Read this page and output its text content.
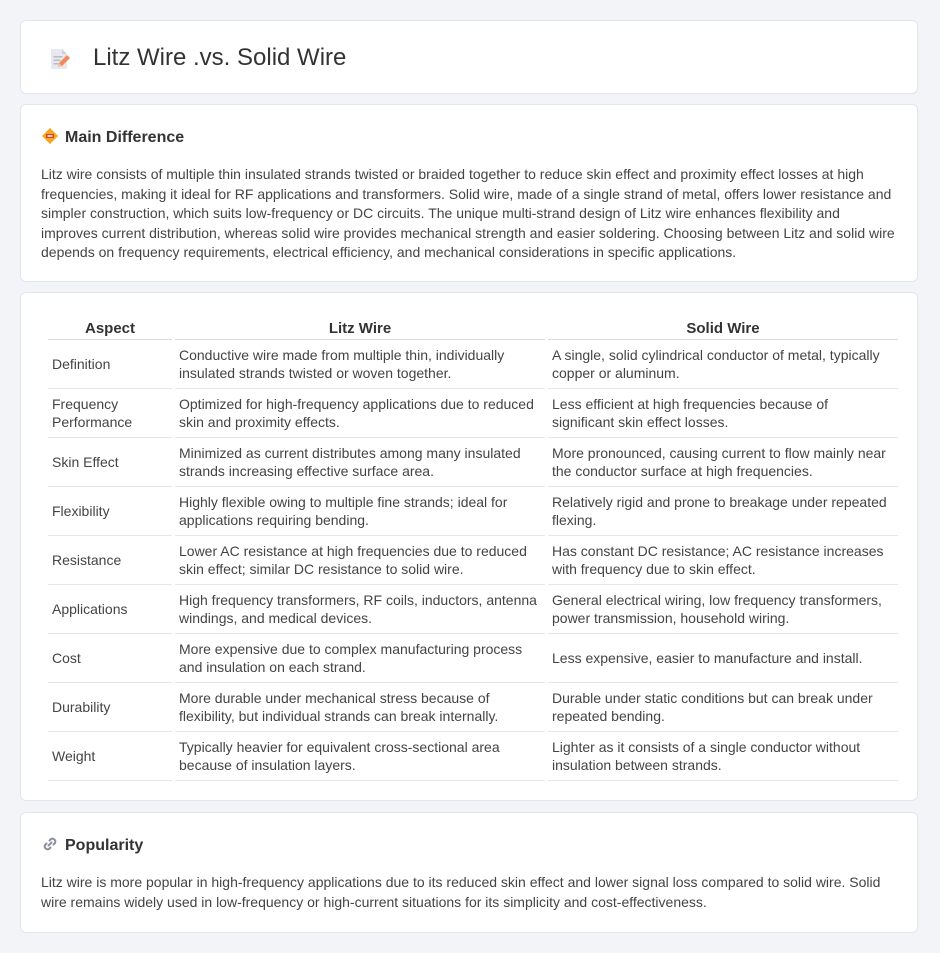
Litz Wire .vs. Solid Wire
Main Difference

Litz wire consists of multiple thin insulated strands twisted or braided together to reduce skin effect and proximity effect losses at high frequencies, making it ideal for RF applications and transformers. Solid wire, made of a single strand of metal, offers lower resistance and simpler construction, which suits low-frequency or DC circuits. The unique multi-strand design of Litz wire enhances flexibility and improves current distribution, whereas solid wire provides mechanical strength and easier soldering. Choosing between Litz and solid wire depends on frequency requirements, electrical efficiency, and mechanical considerations in specific applications.

Aspect	Litz Wire	Solid Wire
Definition	Conductive wire made from multiple thin, individually insulated strands twisted or woven together.	A single, solid cylindrical conductor of metal, typically copper or aluminum.
Frequency Performance	Optimized for high-frequency applications due to reduced skin and proximity effects.	Less efficient at high frequencies because of significant skin effect losses.
Skin Effect	Minimized as current distributes among many insulated strands increasing effective surface area.	More pronounced, causing current to flow mainly near the conductor surface at high frequencies.
Flexibility	Highly flexible owing to multiple fine strands; ideal for applications requiring bending.	Relatively rigid and prone to breakage under repeated flexing.
Resistance	Lower AC resistance at high frequencies due to reduced skin effect; similar DC resistance to solid wire.	Has constant DC resistance; AC resistance increases with frequency due to skin effect.
Applications	High frequency transformers, RF coils, inductors, antenna windings, and medical devices.	General electrical wiring, low frequency transformers, power transmission, household wiring.
Cost	More expensive due to complex manufacturing process and insulation on each strand.	Less expensive, easier to manufacture and install.
Durability	More durable under mechanical stress because of flexibility, but individual strands can break internally.	Durable under static conditions but can break under repeated bending.
Weight	Typically heavier for equivalent cross-sectional area because of insulation layers.	Lighter as it consists of a single conductor without insulation between strands.
Popularity

Litz wire is more popular in high-frequency applications due to its reduced skin effect and lower signal loss compared to solid wire. Solid wire remains widely used in low-frequency or high-current situations for its simplicity and cost-effectiveness.
